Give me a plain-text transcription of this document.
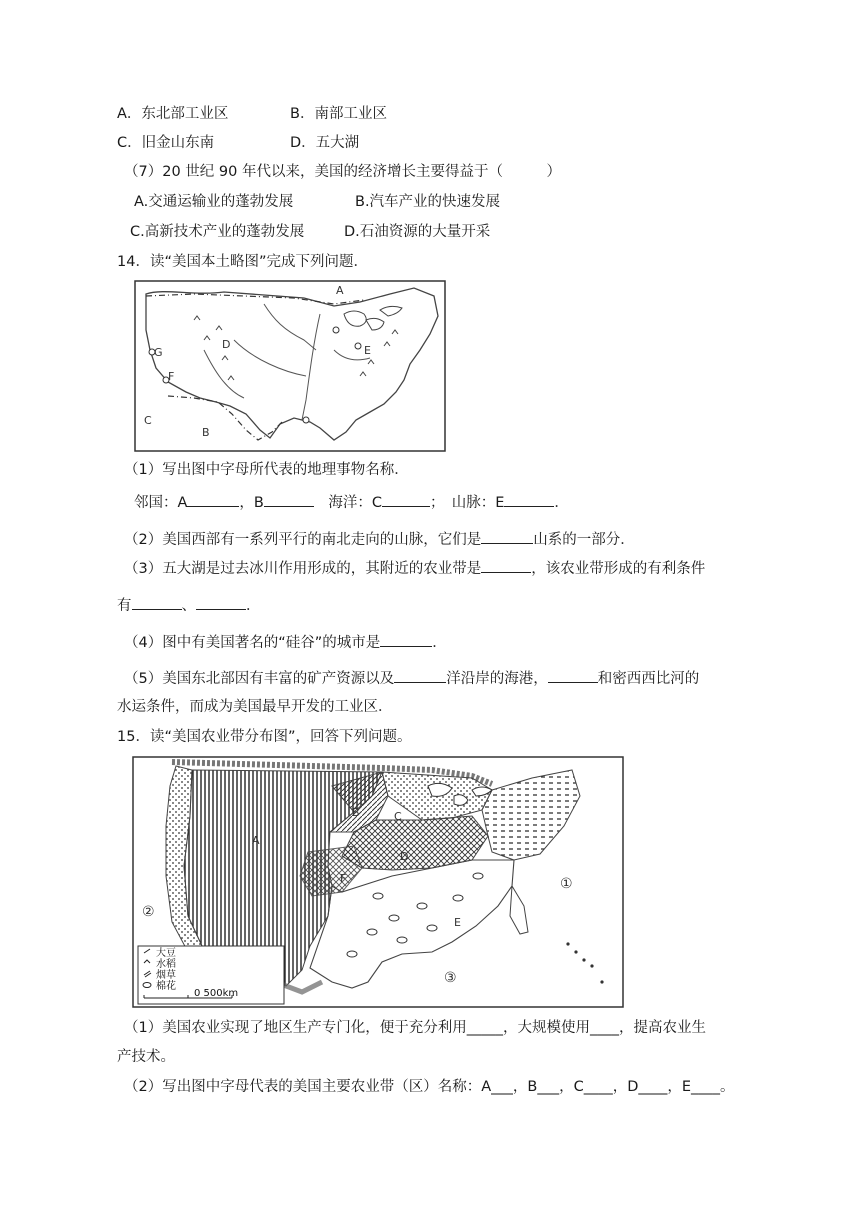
A．东北部工业区	B．南部工业区
C．旧金山东南	D．五大湖
（7）20 世纪 90 年代以来，美国的经济增长主要得益于（　　　）
A.交通运输业的蓬勃发展	B.汽车产业的快速发展
C.高新技术产业的蓬勃发展	D.石油资源的大量开采
14．读“美国本土略图”完成下列问题．
A
B
C
D	E
F
G
（1）写出图中字母所代表的地理事物名称．
邻国：A	，B	　海洋：C	；　山脉：E	．
（2）美国西部有一系列平行的南北走向的山脉，它们是	山系的一部分．
（3）五大湖是过去冰川作用形成的，其附近的农业带是	，该农业带形成的有利条件
有	、	．
（4）图中有美国著名的“硅谷”的城市是	．
（5）美国东北部因有丰富的矿产资源以及	洋沿岸的海港，	和密西西比河的
水运条件，而成为美国最早开发的工业区．
15．读“美国农业带分布图”，回答下列问题。
A
B	C
D
E
F	①
②
③
大豆
水稻
烟草
棉花
0 500km
（1）美国农业实现了地区生产专门化，便于充分利用_____，大规模使用____，提高农业生
产技术。
（2）写出图中字母代表的美国主要农业带（区）名称：A___，B___，C____，D____，E____。
